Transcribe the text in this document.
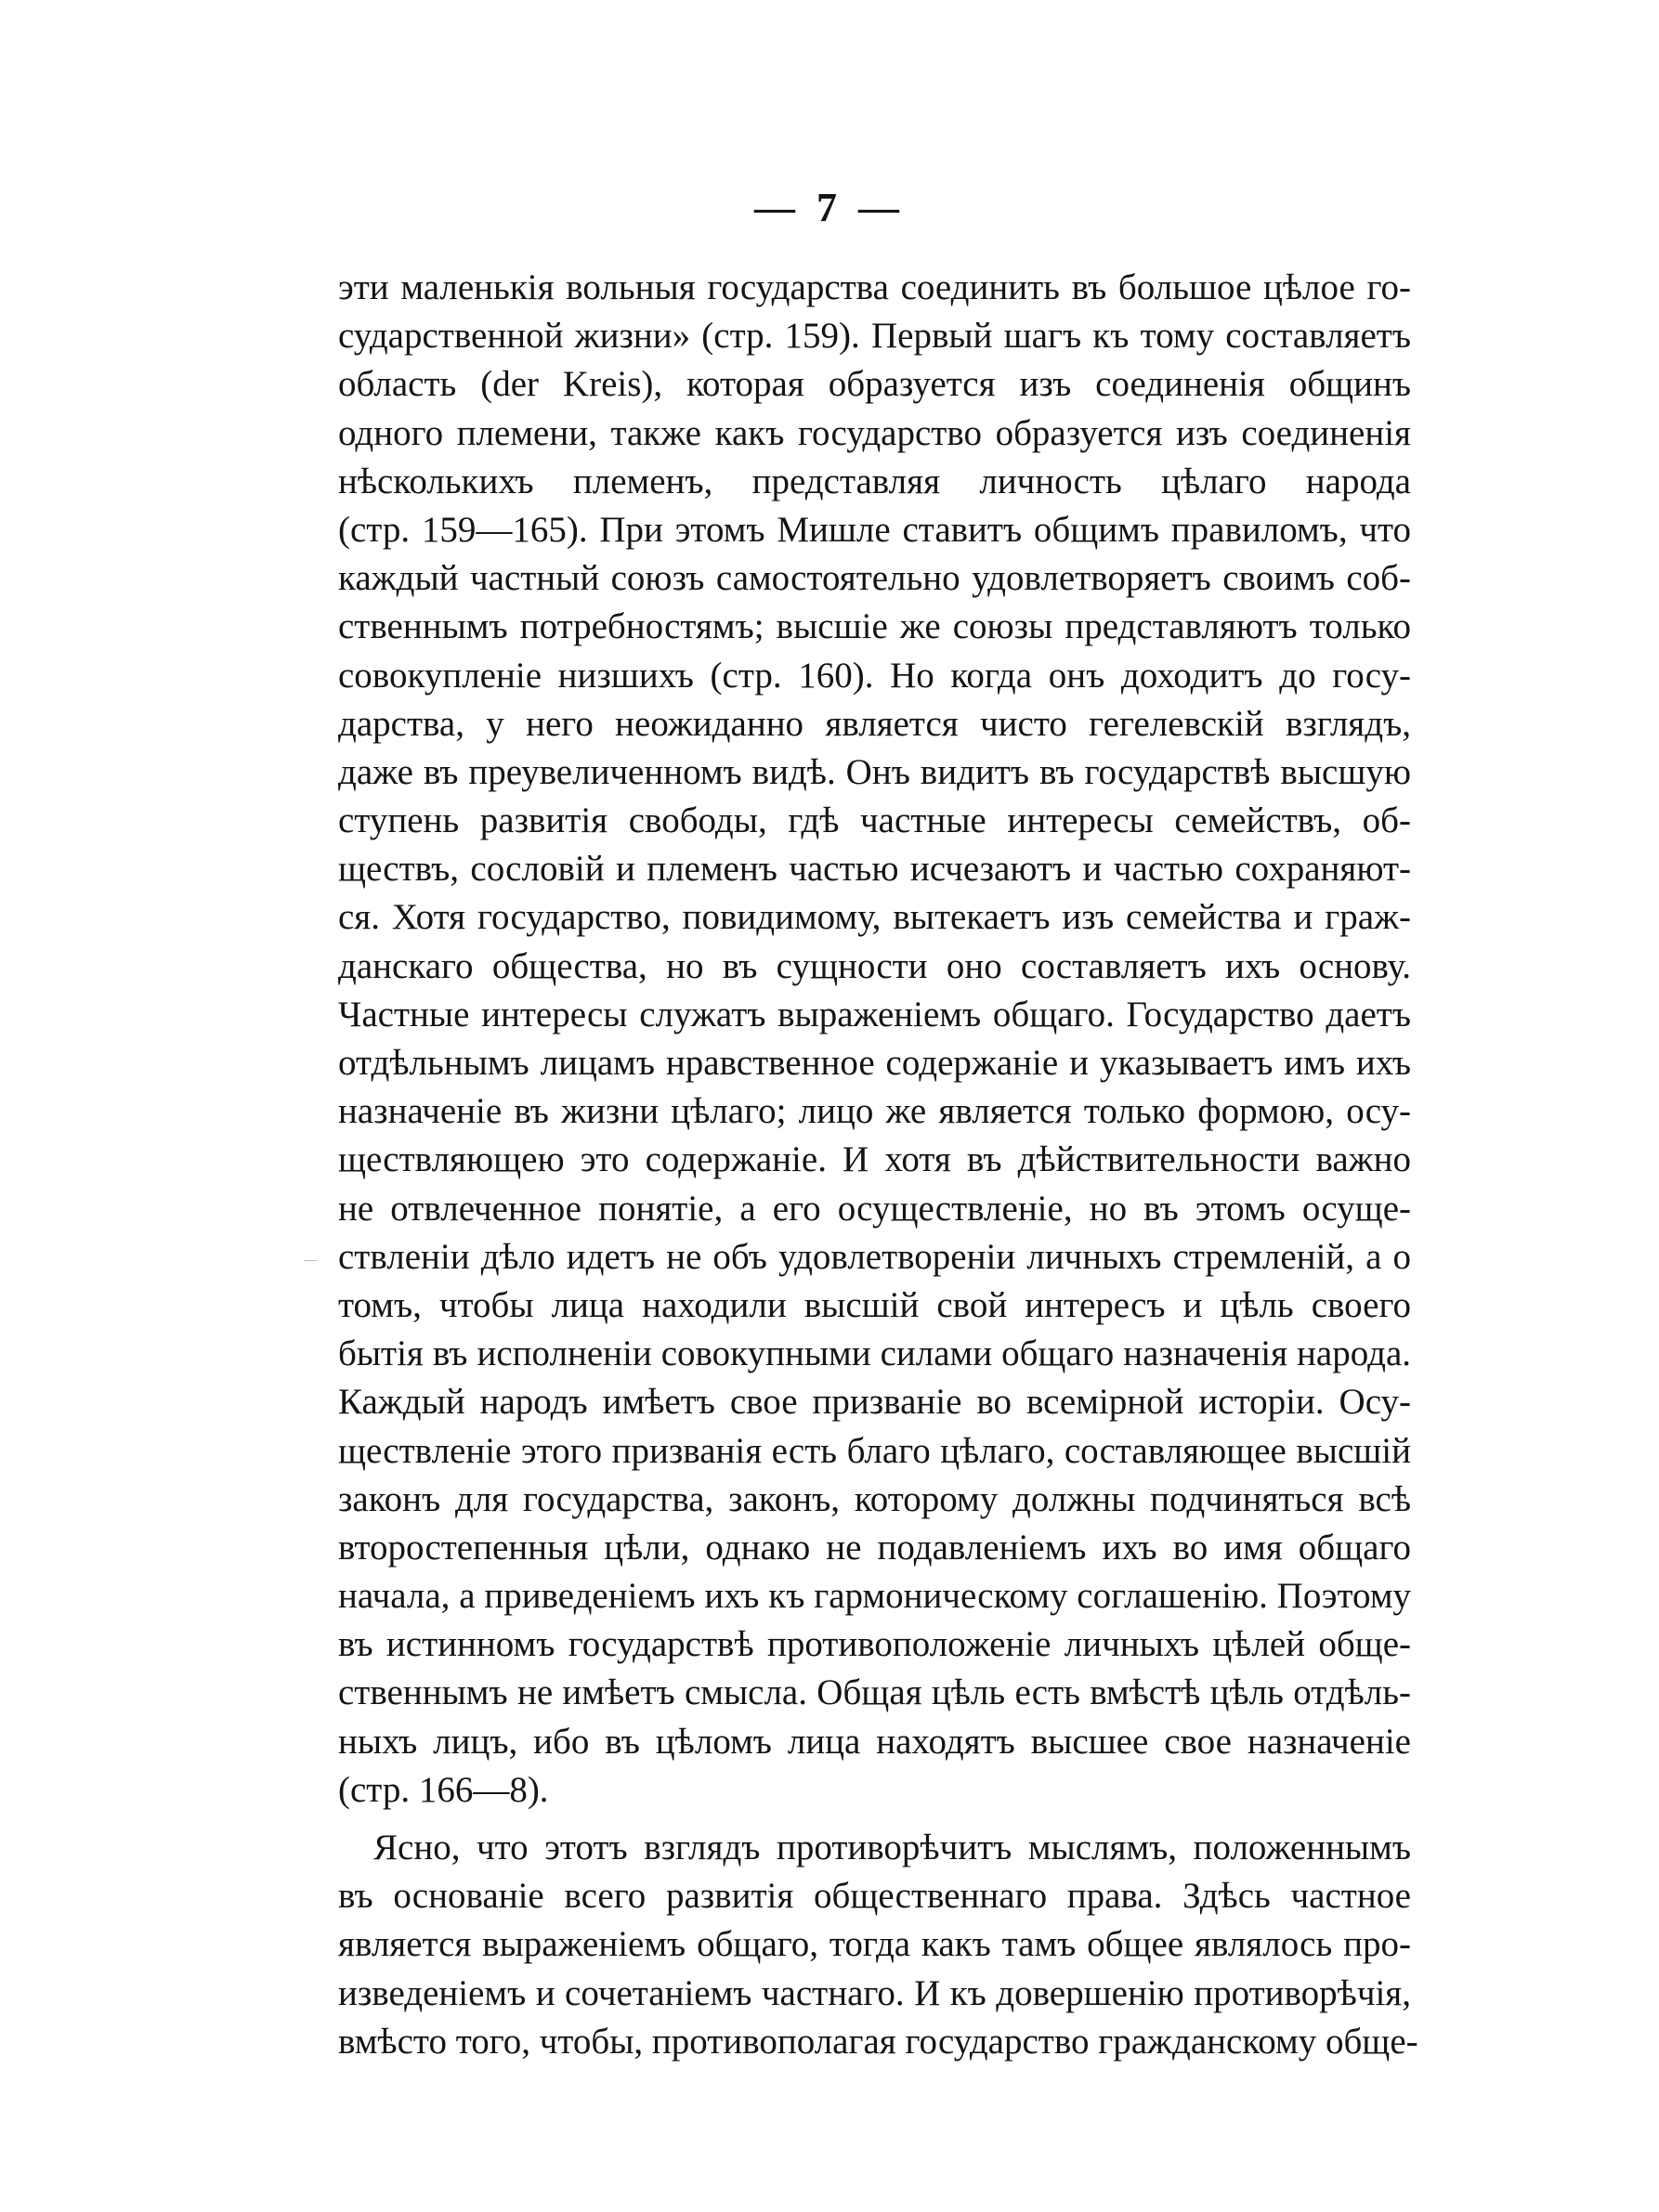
— 7 —
эти маленькія вольныя государства соединить въ большое цѣлое го-
сударственной жизни» (стр. 159). Первый шагъ къ тому составляетъ
область (der Kreis), которая образуется изъ соединенія общинъ
одного племени, также какъ государство образуется изъ соединенія
нѣсколькихъ племенъ, представляя личность цѣлаго народа
(стр. 159—165). При этомъ Мишле ставитъ общимъ правиломъ, что
каждый частный союзъ самостоятельно удовлетворяетъ своимъ соб-
ственнымъ потребностямъ; высшіе же союзы представляютъ только
совокупленіе низшихъ (стр. 160). Но когда онъ доходитъ до госу-
дарства, у него неожиданно является чисто гегелевскій взглядъ,
даже въ преувеличенномъ видѣ. Онъ видитъ въ государствѣ высшую
ступень развитія свободы, гдѣ частные интересы семействъ, об-
ществъ, сословій и племенъ частью исчезаютъ и частью сохраняют-
ся. Хотя государство, повидимому, вытекаетъ изъ семейства и граж-
данскаго общества, но въ сущности оно составляетъ ихъ основу.
Частные интересы служатъ выраженіемъ общаго. Государство даетъ
отдѣльнымъ лицамъ нравственное содержаніе и указываетъ имъ ихъ
назначеніе въ жизни цѣлаго; лицо же является только формою, осу-
ществляющею это содержаніе. И хотя въ дѣйствительности важно
не отвлеченное понятіе, а его осуществленіе, но въ этомъ осуще-
ствленіи дѣло идетъ не объ удовлетвореніи личныхъ стремленій, а о
томъ, чтобы лица находили высшій свой интересъ и цѣль своего
бытія въ исполненіи совокупными силами общаго назначенія народа.
Каждый народъ имѣетъ свое призваніе во всемірной исторіи. Осу-
ществленіе этого призванія есть благо цѣлаго, составляющее высшій
законъ для государства, законъ, которому должны подчиняться всѣ
второстепенныя цѣли, однако не подавленіемъ ихъ во имя общаго
начала, а приведеніемъ ихъ къ гармоническому соглашенію. Поэтому
въ истинномъ государствѣ противоположеніе личныхъ цѣлей обще-
ственнымъ не имѣетъ смысла. Общая цѣль есть вмѣстѣ цѣль отдѣль-
ныхъ лицъ, ибо въ цѣломъ лица находятъ высшее свое назначеніе
(стр. 166—8).
Ясно, что этотъ взглядъ противорѣчитъ мыслямъ, положеннымъ
въ основаніе всего развитія общественнаго права. Здѣсь частное
является выраженіемъ общаго, тогда какъ тамъ общее являлось про-
изведеніемъ и сочетаніемъ частнаго. И къ довершенію противорѣчія,
вмѣсто того, чтобы, противополагая государство гражданскому обще-
